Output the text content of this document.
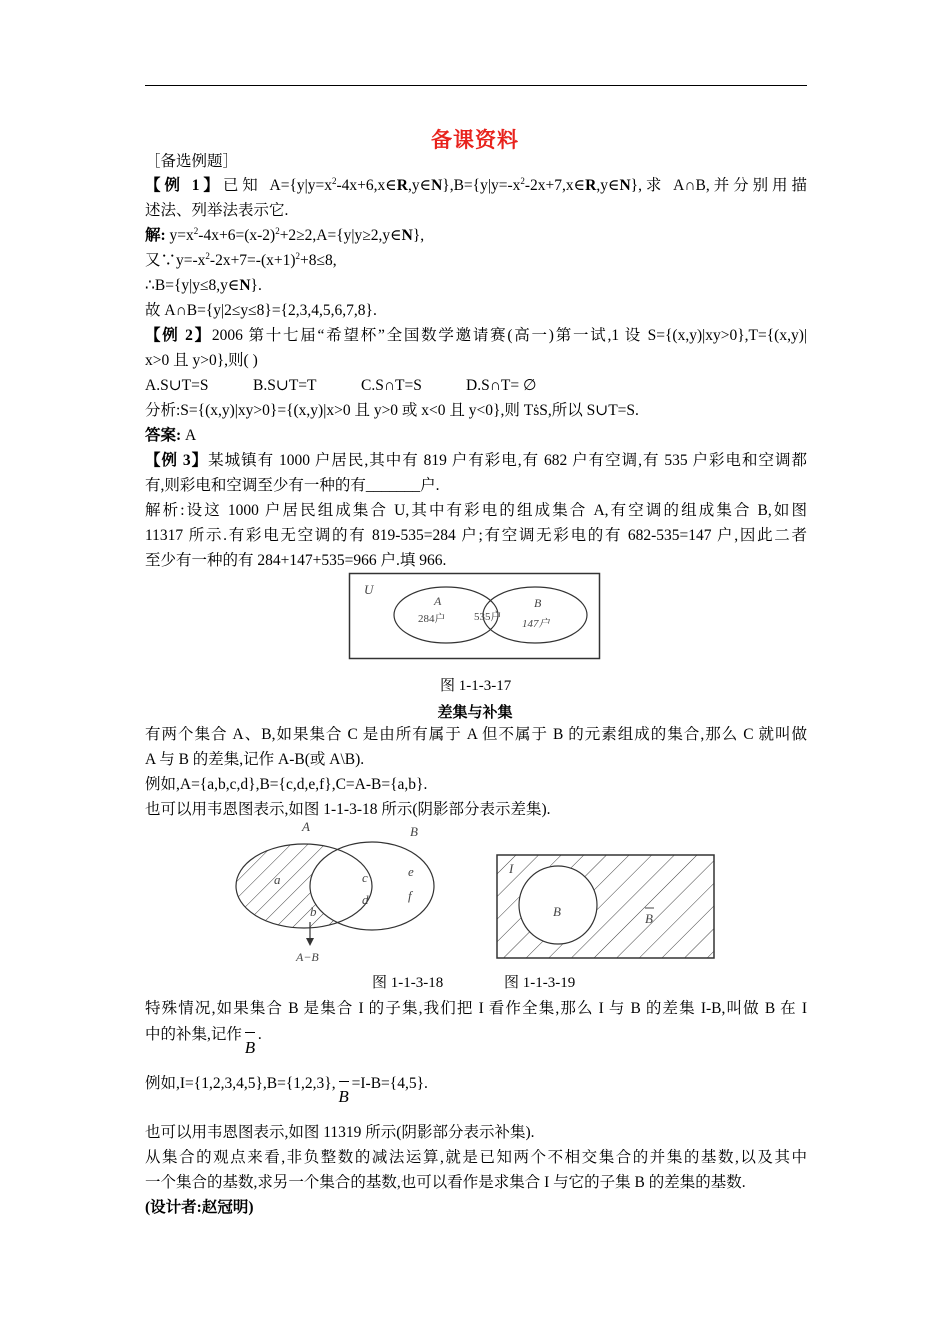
备课资料
［备选例题］
【例 1】已知 $A=\{y|y=x^2-4x+6,x\in R,y\in N\},B=\{y|y=-x^2-2x+7,x\in R,y\in N\}$,求 A∩B,并分别用描
述法、列举法表示它.
解: $y=x^2-4x+6=(x-2)^2+2\ge 2,A=\{y|y\ge 2,y\in N\}$,
又$\because y=-x^2-2x+7=-(x+1)^2+8\le 8$,
∴B={y|y≤8,y∈N}.
故 A∩B={y|2≤y≤8}={2,3,4,5,6,7,8}.
【例 2】2006 第十七届“希望杯”全国数学邀请赛(高一)第一试,1 设 S={(x,y)|xy>0},T={(x,y)|
x>0 且 y>0},则( )
A.S∪T=S	B.S∪T=T	C.S∩T=S	D.S∩T= ∅
分析:S={(x,y)|xy>0}={(x,y)|x>0 且 y>0 或 x<0 且 y<0},则 TṡS,所以 S∪T=S.
答案: A
【例 3】某城镇有 1000 户居民,其中有 819 户有彩电,有 682 户有空调,有 535 户彩电和空调都
有,则彩电和空调至少有一种的有_______户.
解析:设这 1000 户居民组成集合 U,其中有彩电的组成集合 A,有空调的组成集合 B,如图
11317 所示.有彩电无空调的有 819-535=284 户;有空调无彩电的有 682-535=147 户,因此二者
至少有一种的有 284+147+535=966 户.填 966.
U
A	B
284户	535户
147户
图 1-1-3-17
差集与补集
有两个集合 A、B,如果集合 C 是由所有属于 A 但不属于 B 的元素组成的集合,那么 C 就叫做
A 与 B 的差集,记作 A-B(或 A\B).
例如,A={a,b,c,d},B={c,d,e,f},C=A-B={a,b}.
也可以用韦恩图表示,如图 1-1-3-18 所示(阴影部分表示差集).
A	B
a
b
c
d
e
f
A−B
I
B	B
图 1-1-3-18	图 1-1-3-19
特殊情况,如果集合 B 是集合 I 的子集,我们把 I 看作全集,那么 I 与 B 的差集 I-B,叫做 B 在 I
中的补集,记作B.
例如,I={1,2,3,4,5},B={1,2,3},B=I-B={4,5}.
也可以用韦恩图表示,如图 11319 所示(阴影部分表示补集).
从集合的观点来看,非负整数的减法运算,就是已知两个不相交集合的并集的基数,以及其中
一个集合的基数,求另一个集合的基数,也可以看作是求集合 I 与它的子集 B 的差集的基数.
(设计者:赵冠明)
